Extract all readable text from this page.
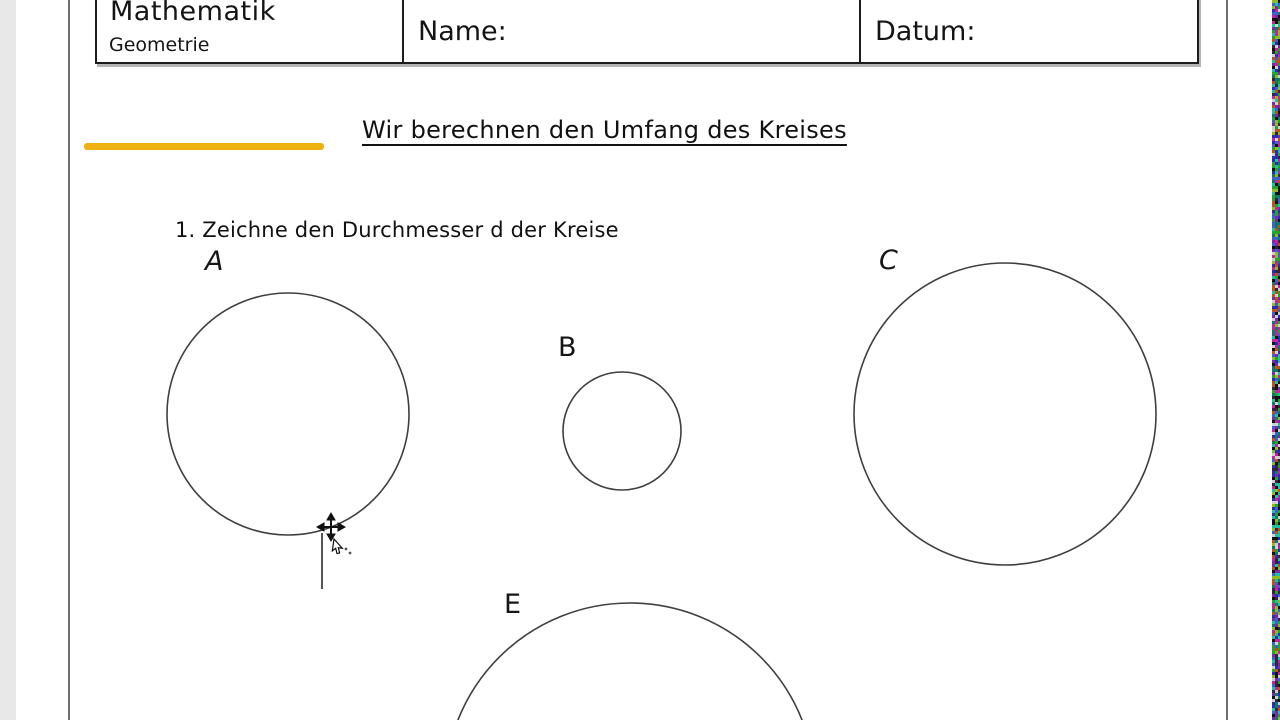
Mathematik
Geometrie	Name:	Datum:
Wir berechnen den Umfang des Kreises
1. Zeichne den Durchmesser d der Kreise
A
B
C
E
